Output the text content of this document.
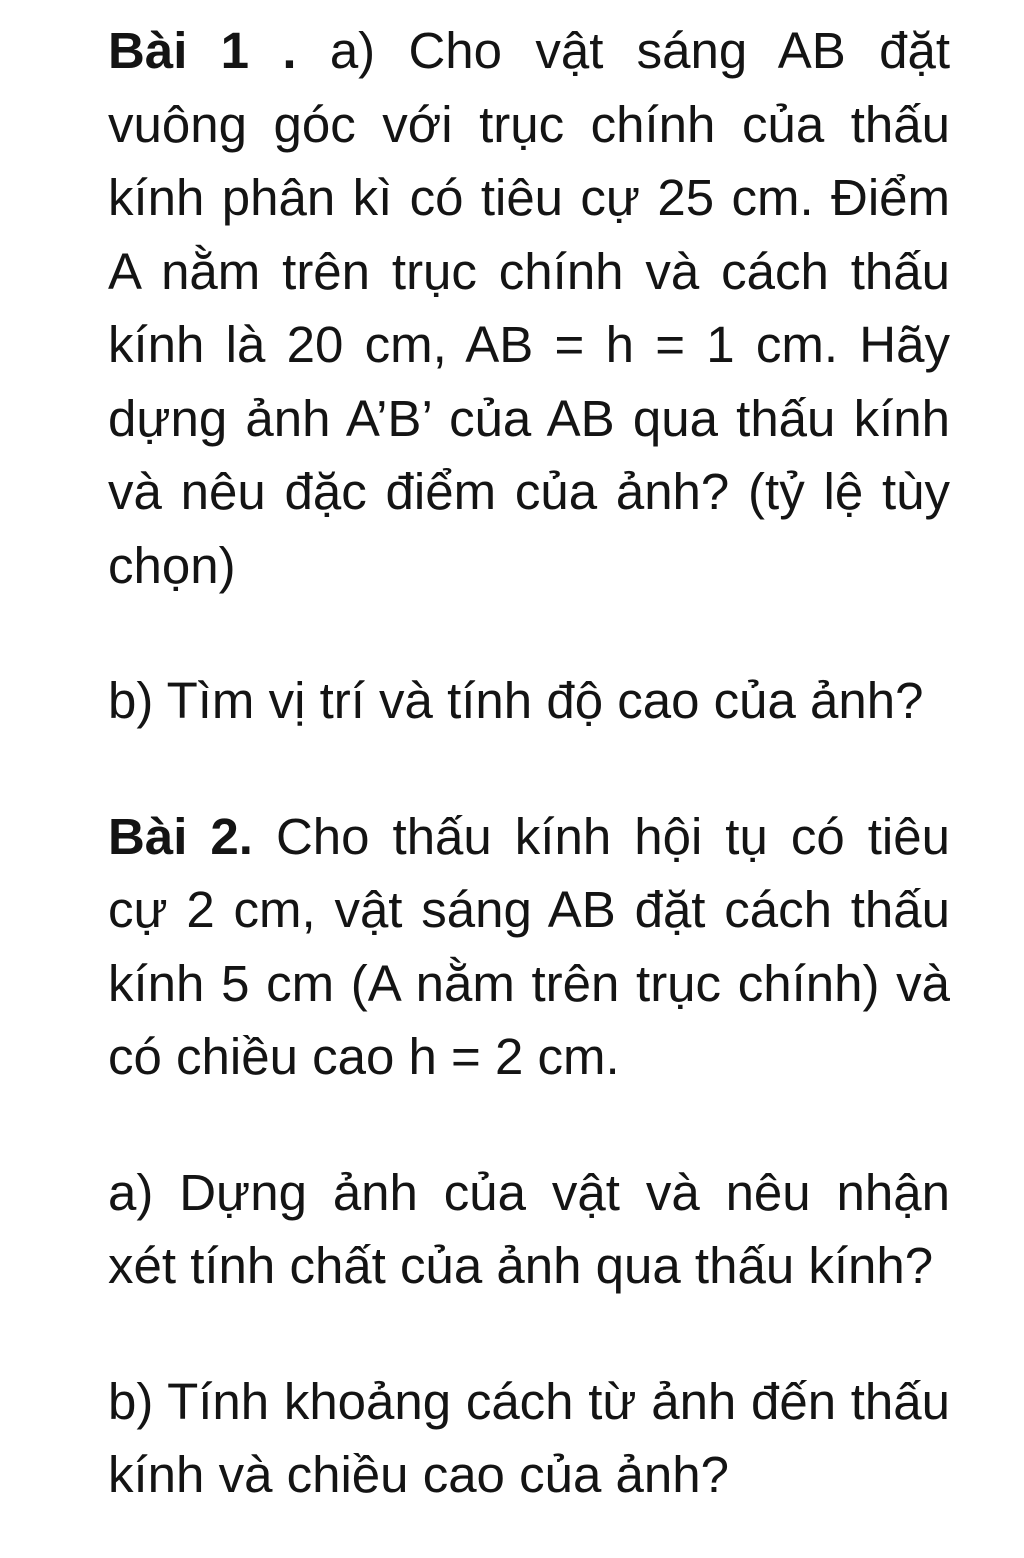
Bài 1 . a) Cho vật sáng AB đặt vuông góc với trục chính của thấu kính phân kì có tiêu cự 25 cm. Điểm A nằm trên trục chính và cách thấu kính là 20 cm, AB = h = 1 cm. Hãy dựng ảnh A’B’ của AB qua thấu kính và nêu đặc điểm của ảnh? (tỷ lệ tùy chọn)

b) Tìm vị trí và tính độ cao của ảnh?

Bài 2. Cho thấu kính hội tụ có tiêu cự 2 cm, vật sáng AB đặt cách thấu kính 5 cm (A nằm trên trục chính) và có chiều cao h = 2 cm.

a) Dựng ảnh của vật và nêu nhận xét tính chất của ảnh qua thấu kính?

b) Tính khoảng cách từ ảnh đến thấu kính và chiều cao của ảnh?
